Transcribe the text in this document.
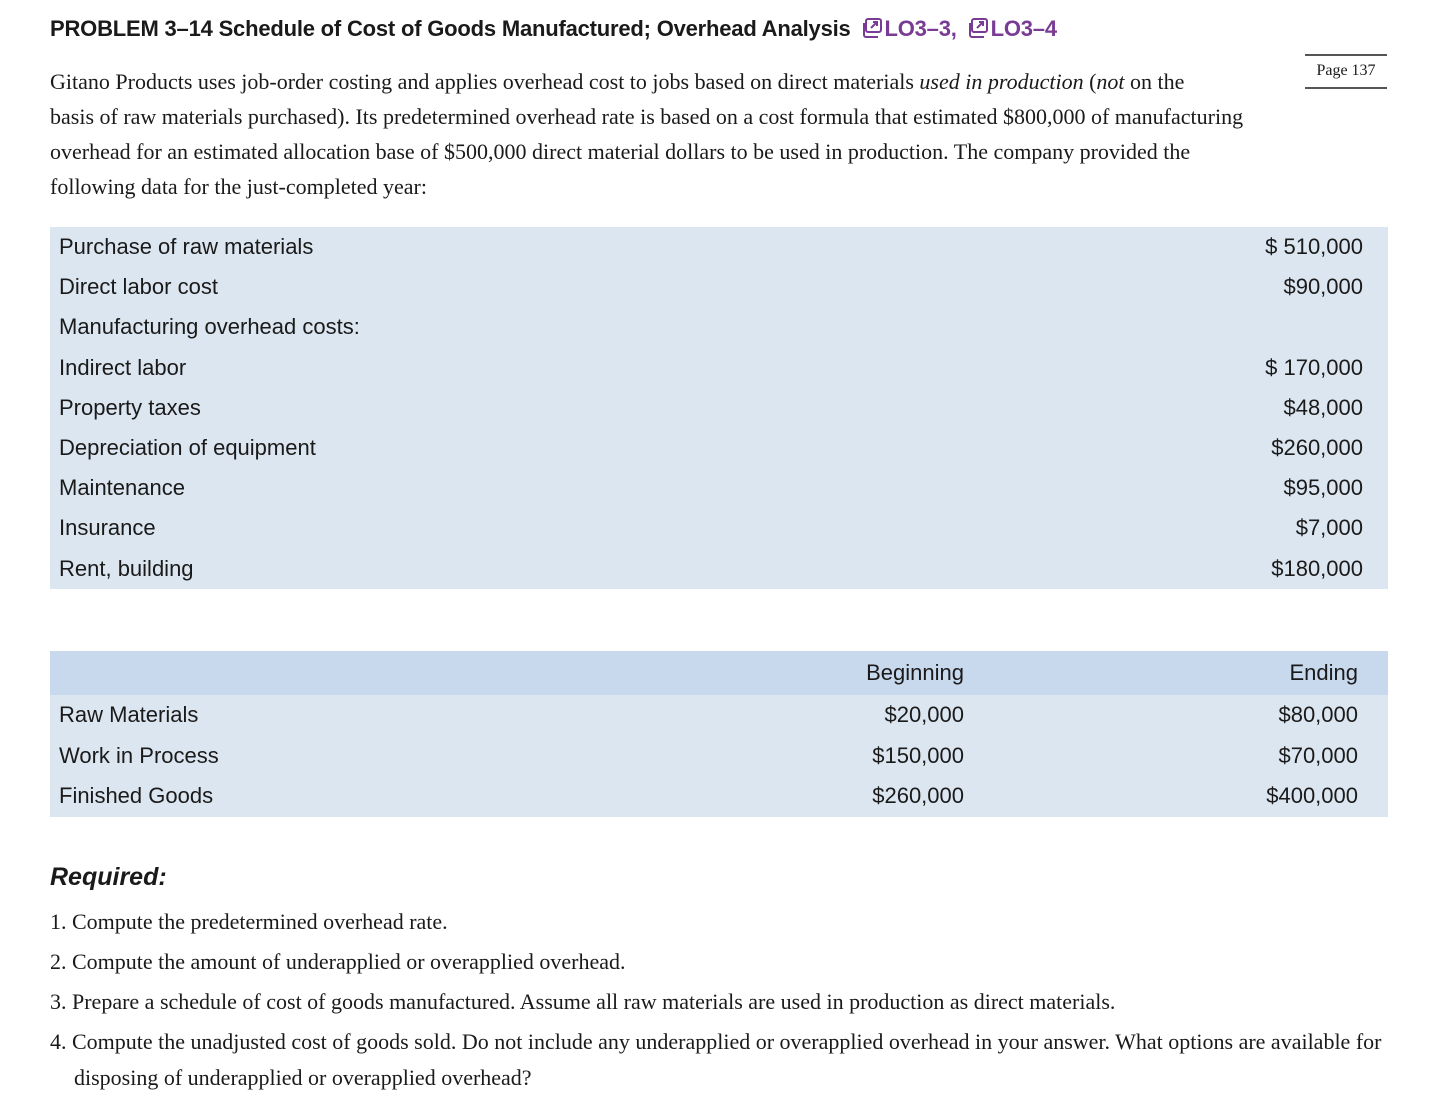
PROBLEM 3–14 Schedule of Cost of Goods Manufactured; Overhead Analysis LO3–3, LO3–4
Page 137

Gitano Products uses job-order costing and applies overhead cost to jobs based on direct materials used in production (not on the
basis of raw materials purchased). Its predetermined overhead rate is based on a cost formula that estimated $800,000 of manufacturing
overhead for an estimated allocation base of $500,000 direct material dollars to be used in production. The company provided the
following data for the just-completed year:

Purchase of raw materials	$ 510,000
Direct labor cost	$90,000
Manufacturing overhead costs:	
Indirect labor	$ 170,000
Property taxes	$48,000
Depreciation of equipment	$260,000
Maintenance	$95,000
Insurance	$7,000
Rent, building	$180,000
	Beginning	Ending
Raw Materials	$20,000	$80,000
Work in Process	$150,000	$70,000
Finished Goods	$260,000	$400,000
Required:
1. Compute the predetermined overhead rate.
2. Compute the amount of underapplied or overapplied overhead.
3. Prepare a schedule of cost of goods manufactured. Assume all raw materials are used in production as direct materials.
4. Compute the unadjusted cost of goods sold. Do not include any underapplied or overapplied overhead in your answer. What options are available for disposing of underapplied or overapplied overhead?
